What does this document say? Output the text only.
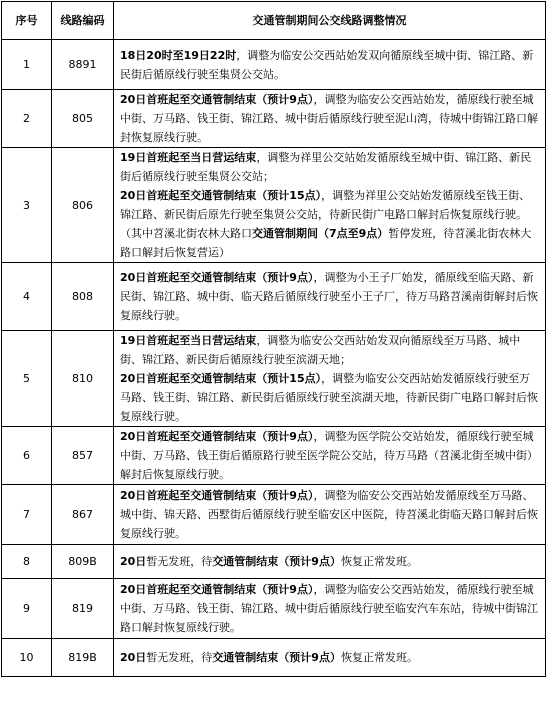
序号	线路编码	交通管制期间公交线路调整情况
1	8891	18日20时至19日22时，调整为临安公交西站始发双向循原线至城中街、锦江路、新民街后循原线行驶至集贤公交站。
2	805	20日首班起至交通管制结束（预计9点），调整为临安公交西站始发，循原线行驶至城中街、万马路、钱王街、锦江路、城中街后循原线行驶至泥山湾，待城中街锦江路口解封恢复原线行驶。
3	806	19日首班起至当日营运结束，调整为祥里公交站始发循原线至城中街、锦江路、新民街后循原线行驶至集贤公交站；
20日首班起至交通管制结束（预计15点），调整为祥里公交站始发循原线至钱王街、锦江路、新民街后原先行驶至集贤公交站，待新民街广电路口解封后恢复原线行驶。（其中苕溪北街农林大路口交通管制期间（7点至9点）暂停发班，待苕溪北街农林大路口解封后恢复营运）
4	808	20日首班起至交通管制结束（预计9点），调整为小王子厂始发，循原线至临天路、新民街、锦江路、城中街、临天路后循原线行驶至小王子厂，待万马路苕溪南街解封后恢复原线行驶。
5	810	19日首班起至当日营运结束，调整为临安公交西站始发双向循原线至万马路、城中街、锦江路、新民街后循原线行驶至滨湖天地；
20日首班起至交通管制结束（预计15点），调整为临安公交西站始发循原线行驶至万马路、钱王街、锦江路、新民街后循原线行驶至滨湖天地，待新民街广电路口解封后恢复原线行驶。
6	857	20日首班起至交通管制结束（预计9点），调整为医学院公交站始发，循原线行驶至城中街、万马路、钱王街后循原路行驶至医学院公交站，待万马路（苕溪北街至城中街）解封后恢复原线行驶。
7	867	20日首班起至交通管制结束（预计9点），调整为临安公交西站始发循原线至万马路、城中街、锦天路、西墅街后循原线行驶至临安区中医院，待苕溪北街临天路口解封后恢复原线行驶。
8	809B	20日暂无发班，待交通管制结束（预计9点）恢复正常发班。
9	819	20日首班起至交通管制结束（预计9点），调整为临安公交西站始发，循原线行驶至城中街、万马路、钱王街、锦江路、城中街后循原线行驶至临安汽车东站，待城中街锦江路口解封恢复原线行驶。
10	819B	20日暂无发班，待交通管制结束（预计9点）恢复正常发班。
